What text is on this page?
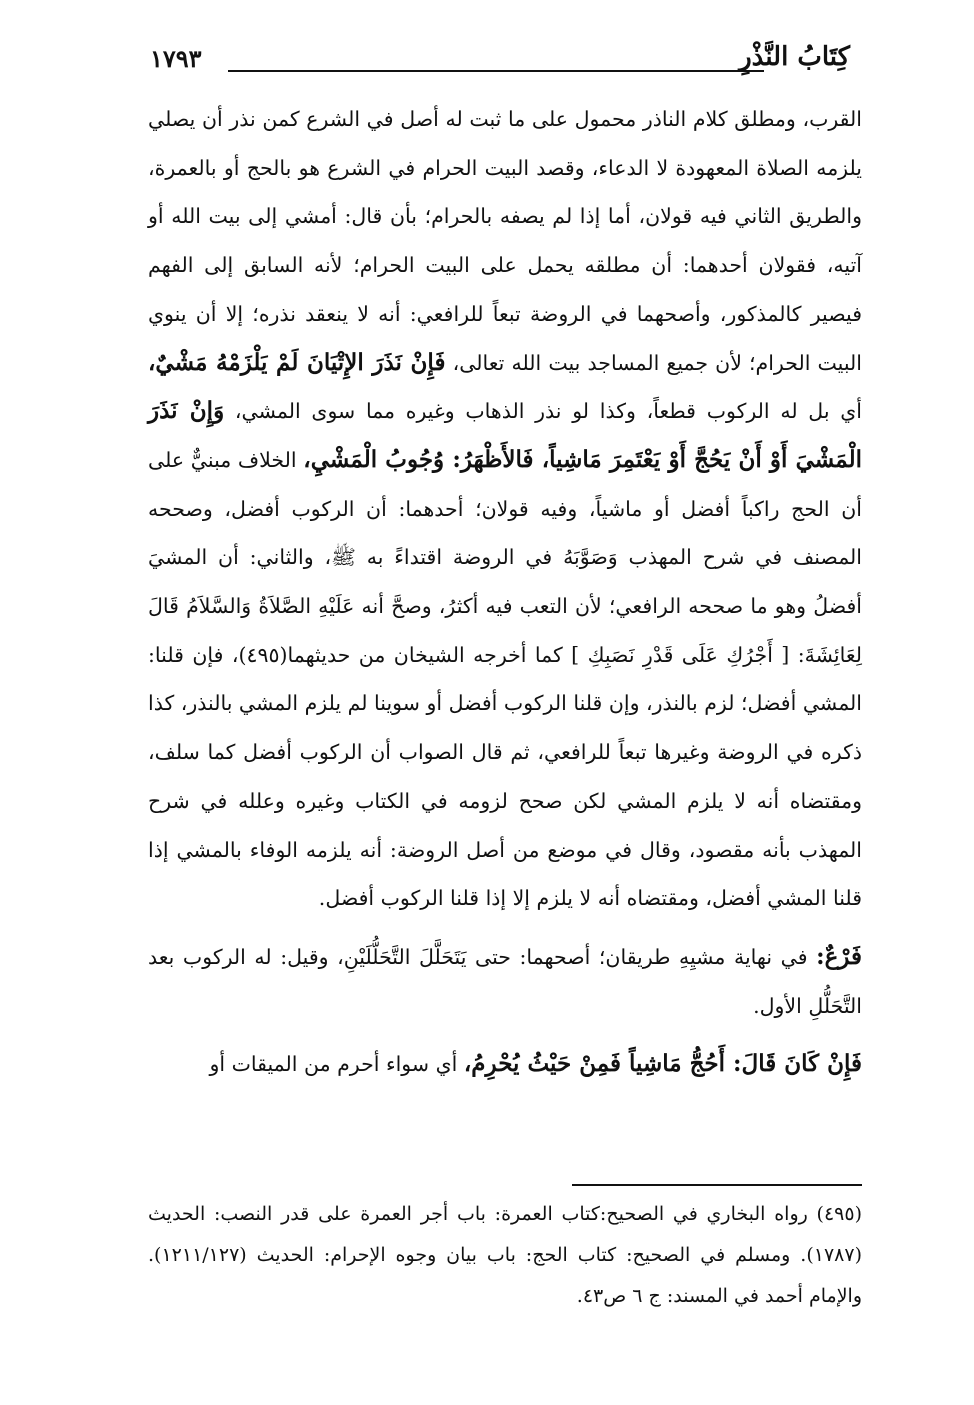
كِتَابُ النَّذْرِ
١٧٩٣

القرب، ومطلق كلام الناذر محمول على ما ثبت له أصل في الشرع كمن نذر أن يصلي يلزمه الصلاة المعهودة لا الدعاء، وقصد البيت الحرام في الشرع هو بالحج أو بالعمرة، والطريق الثاني فيه قولان، أما إذا لم يصفه بالحرام؛ بأن قال: أمشي إلى بيت الله أو آتيه، فقولان أحدهما: أن مطلقه يحمل على البيت الحرام؛ لأنه السابق إلى الفهم فيصير كالمذكور، وأصحهما في الروضة تبعاً للرافعي: أنه لا ينعقد نذره؛ إلا أن ينوي البيت الحرام؛ لأن جميع المساجد بيت الله تعالى، فَإِنْ نَذَرَ الإِتْيَانَ لَمْ يَلْزَمْهُ مَشْيٌ، أي بل له الركوب قطعاً، وكذا لو نذر الذهاب وغيره مما سوى المشي، وَإِنْ نَذَرَ الْمَشْيَ أَوْ أَنْ يَحُجَّ أَوْ يَعْتَمِرَ مَاشِياً، فَالأَظْهَرُ: وُجُوبُ الْمَشْيِ، الخلاف مبنيٌّ على أن الحج راكباً أفضل أو ماشياً، وفيه قولان؛ أحدهما: أن الركوب أفضل، وصححه المصنف في شرح المهذب وَصَوَّبَهُ في الروضة اقتداءً به ﷺ، والثاني: أن المشيَ أفضلُ وهو ما صححه الرافعي؛ لأن التعب فيه أكثرُ، وصحَّ أنه عَلَيْهِ الصَّلاَةُ وَالسَّلاَمُ قَالَ لِعَائِشَةَ: [ أَجْرُكِ عَلَى قَدْرِ نَصَبِكِ ] كما أخرجه الشيخان من حديثهما(٤٩٥)، فإن قلنا: المشي أفضل؛ لزم بالنذر، وإن قلنا الركوب أفضل أو سوينا لم يلزم المشي بالنذر، كذا ذكره في الروضة وغيرها تبعاً للرافعي، ثم قال الصواب أن الركوب أفضل كما سلف، ومقتضاه أنه لا يلزم المشي لكن صحح لزومه في الكتاب وغيره وعلله في شرح المهذب بأنه مقصود، وقال في موضع من أصل الروضة: أنه يلزمه الوفاء بالمشي إذا قلنا المشي أفضل، ومقتضاه أنه لا يلزم إلا إذا قلنا الركوب أفضل.

فَرْعٌ: في نهاية مشيِهِ طريقان؛ أصحهما: حتى يَتَحَلَّلَ التَّحَلُّلَيْنِ، وقيل: له الركوب بعد التَّحَلُّلِ الأول.

فَإِنْ كَانَ قَالَ: أَحُجُّ مَاشِياً فَمِنْ حَيْثُ يُحْرِمُ، أي سواء أحرم من الميقات أو

(٤٩٥) رواه البخاري في الصحيح:كتاب العمرة: باب أجر العمرة على قدر النصب: الحديث (١٧٨٧). ومسلم في الصحيح: كتاب الحج: باب بيان وجوه الإحرام: الحديث (١٢١١/١٢٧). والإمام أحمد في المسند: ج ٦ ص٤٣.
